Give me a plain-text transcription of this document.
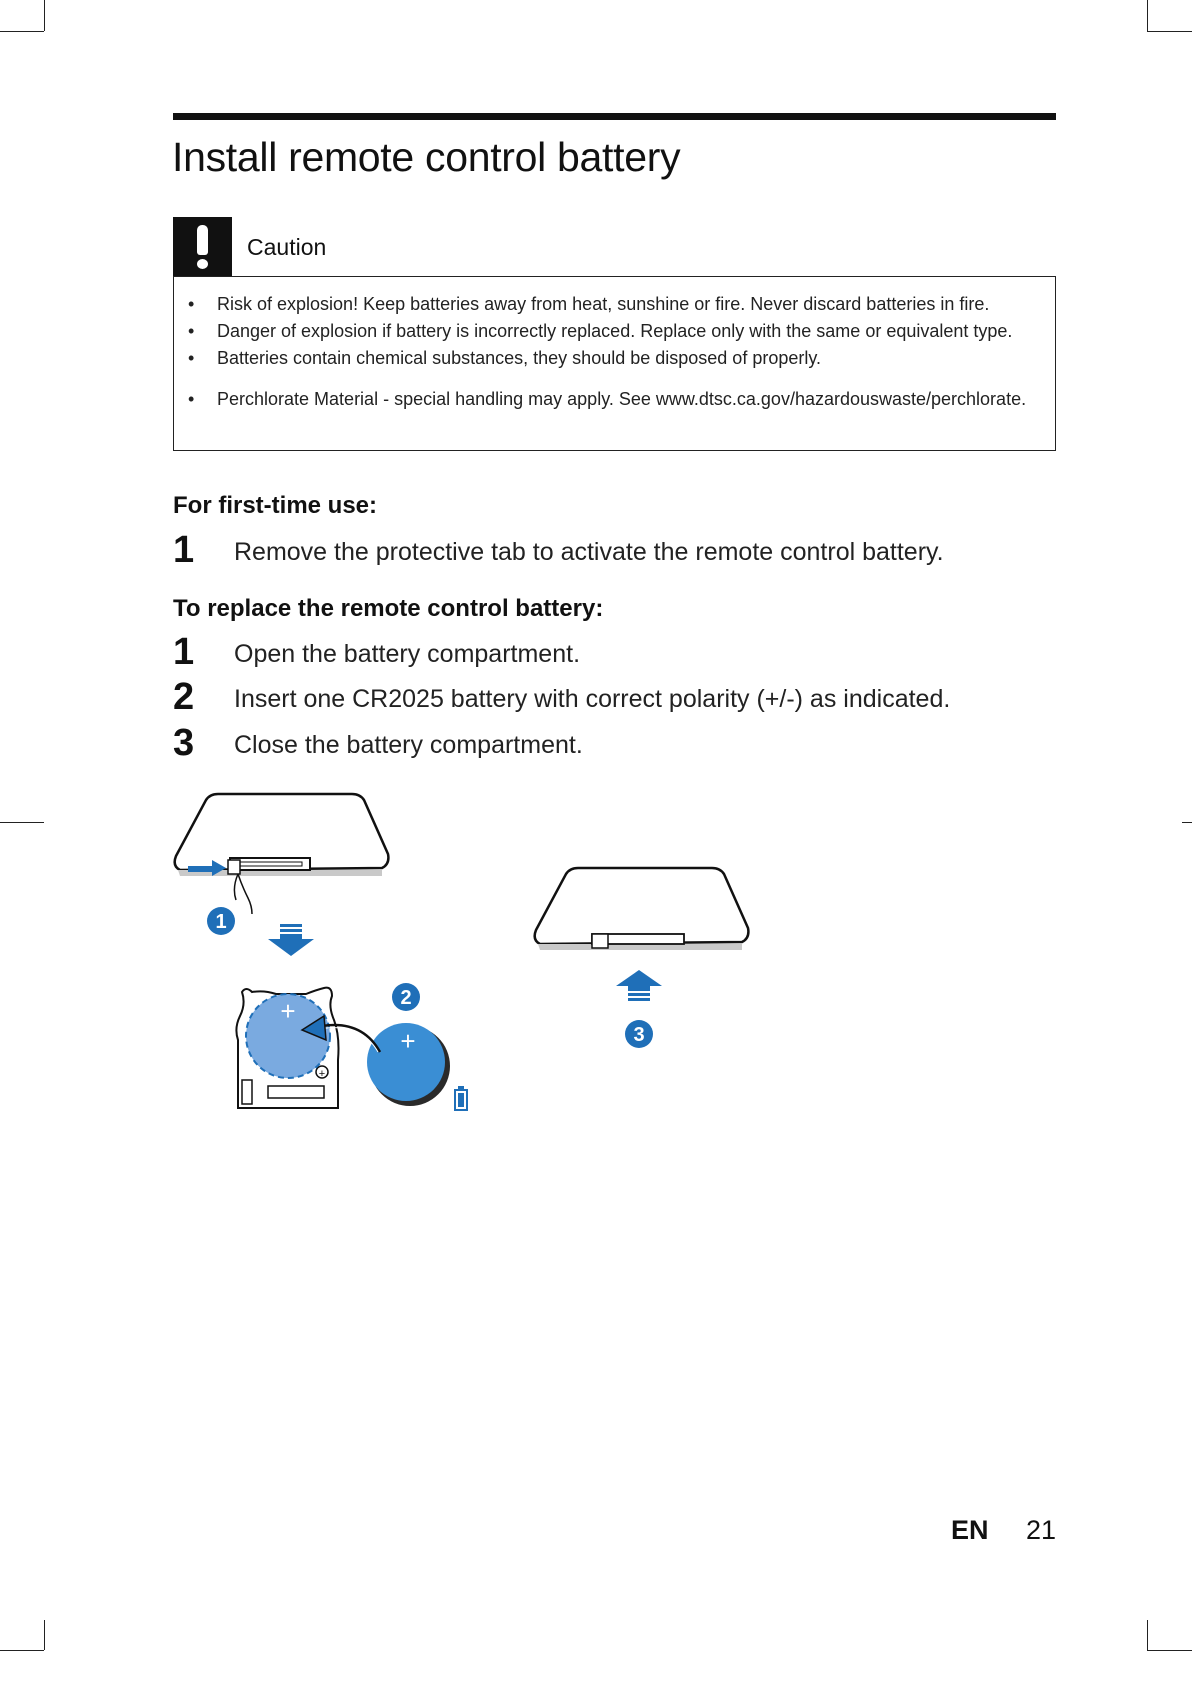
Install remote control battery
Caution
• Risk of explosion! Keep batteries away from heat, sunshine or fire. Never discard batteries in fire.
• Danger of explosion if battery is incorrectly replaced. Replace only with the same or equivalent type.
• Batteries contain chemical substances, they should be disposed of properly.
• Perchlorate Material - special handling may apply. See www.dtsc.ca.gov/hazardouswaste/perchlorate.
For first-time use:
1 Remove the protective tab to activate the remote control battery.
To replace the remote control battery:
1 Open the battery compartment.
2 Insert one CR2025 battery with correct polarity (+/-) as indicated.
3 Close the battery compartment.
1
+
+
+
2
3
EN 21
